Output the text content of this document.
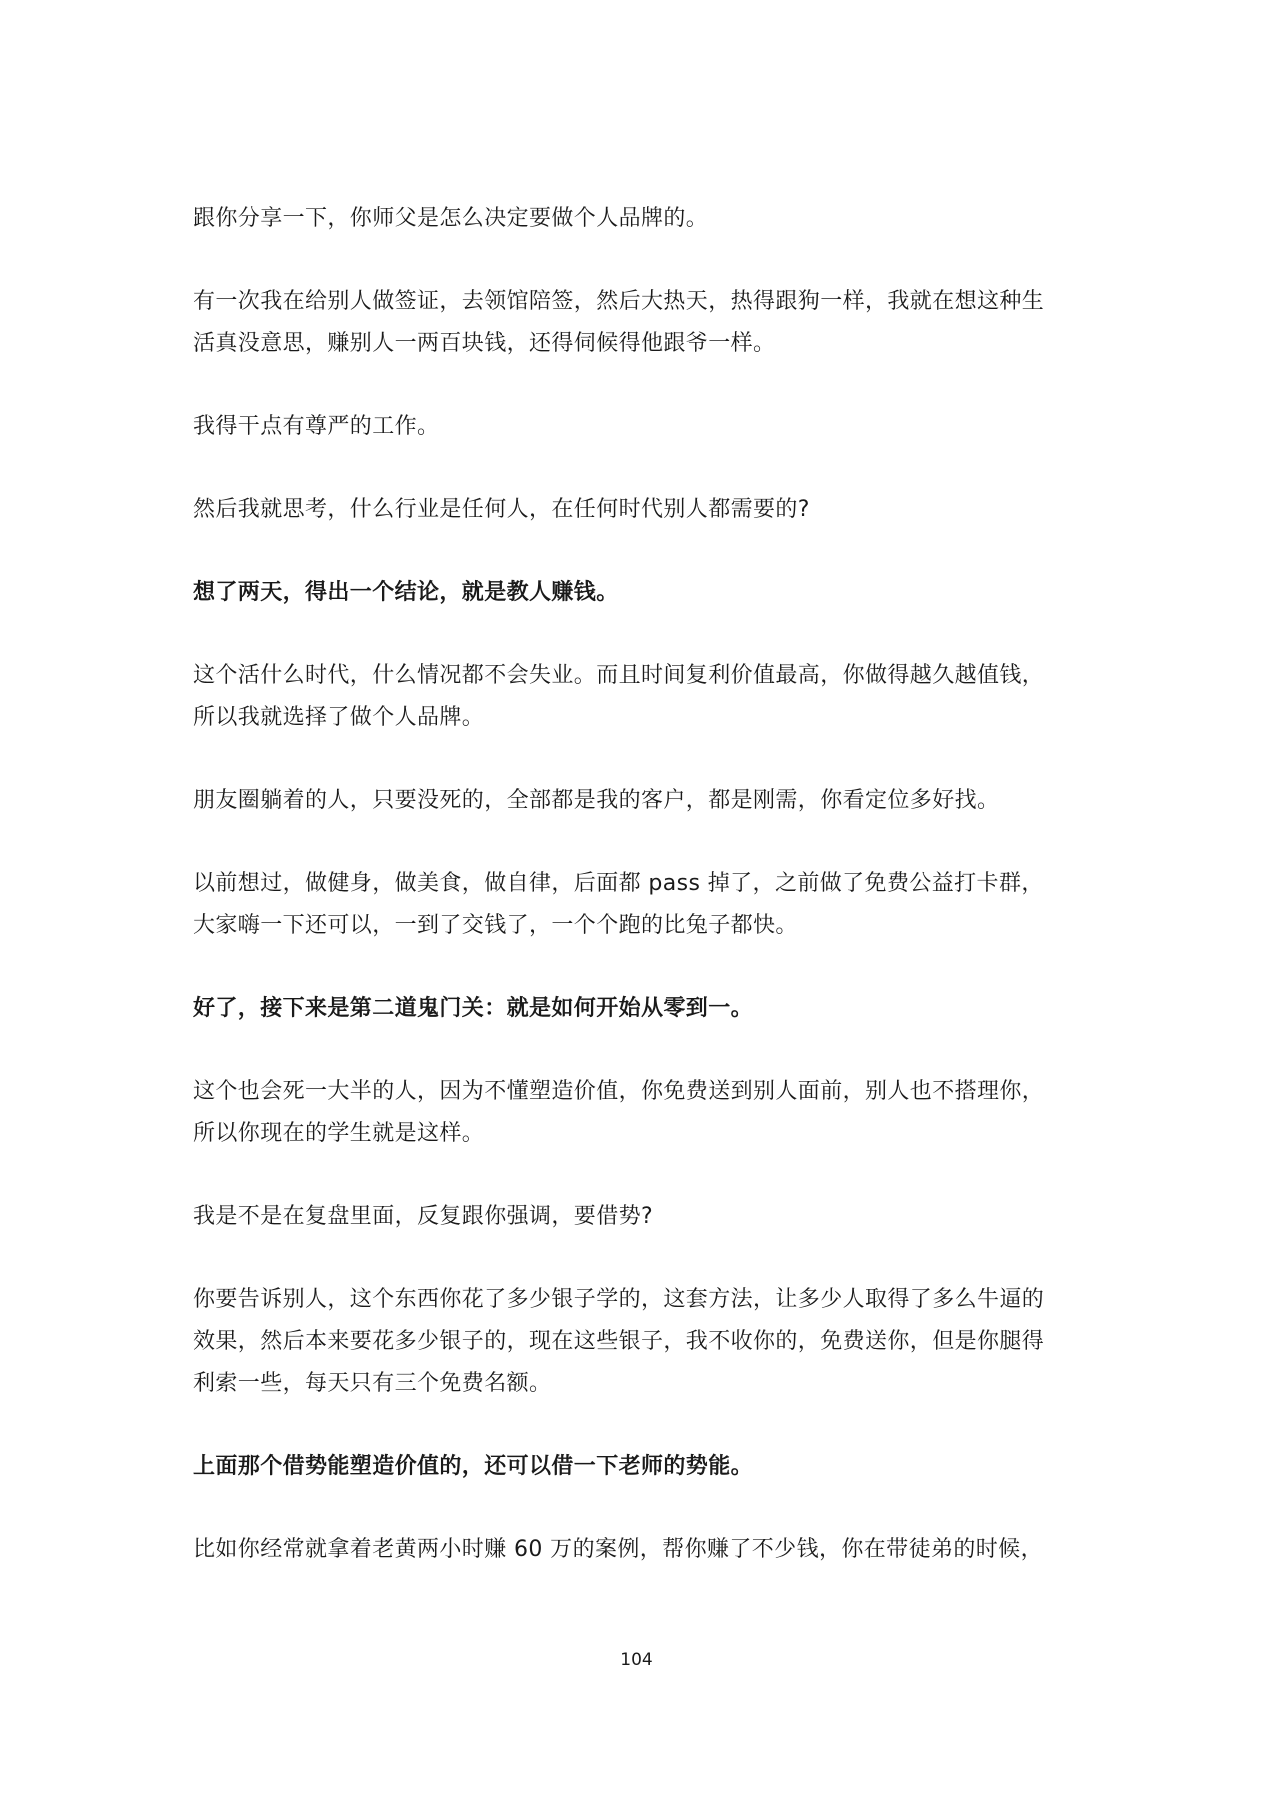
跟你分享一下，你师父是怎么决定要做个人品牌的。

有一次我在给别人做签证，去领馆陪签，然后大热天，热得跟狗一样，我就在想这种生
活真没意思，赚别人一两百块钱，还得伺候得他跟爷一样。

我得干点有尊严的工作。

然后我就思考，什么行业是任何人，在任何时代别人都需要的?

想了两天，得出一个结论，就是教人赚钱。

这个活什么时代，什么情况都不会失业。而且时间复利价值最高，你做得越久越值钱，
所以我就选择了做个人品牌。

朋友圈躺着的人，只要没死的，全部都是我的客户，都是刚需，你看定位多好找。

以前想过，做健身，做美食，做自律，后面都 pass 掉了，之前做了免费公益打卡群，
大家嗨一下还可以，一到了交钱了，一个个跑的比兔子都快。

好了，接下来是第二道鬼门关：就是如何开始从零到一。

这个也会死一大半的人，因为不懂塑造价值，你免费送到别人面前，别人也不搭理你，
所以你现在的学生就是这样。

我是不是在复盘里面，反复跟你强调，要借势?

你要告诉别人，这个东西你花了多少银子学的，这套方法，让多少人取得了多么牛逼的
效果，然后本来要花多少银子的，现在这些银子，我不收你的，免费送你，但是你腿得
利索一些，每天只有三个免费名额。

上面那个借势能塑造价值的，还可以借一下老师的势能。

比如你经常就拿着老黄两小时赚 60 万的案例，帮你赚了不少钱，你在带徒弟的时候，

104
